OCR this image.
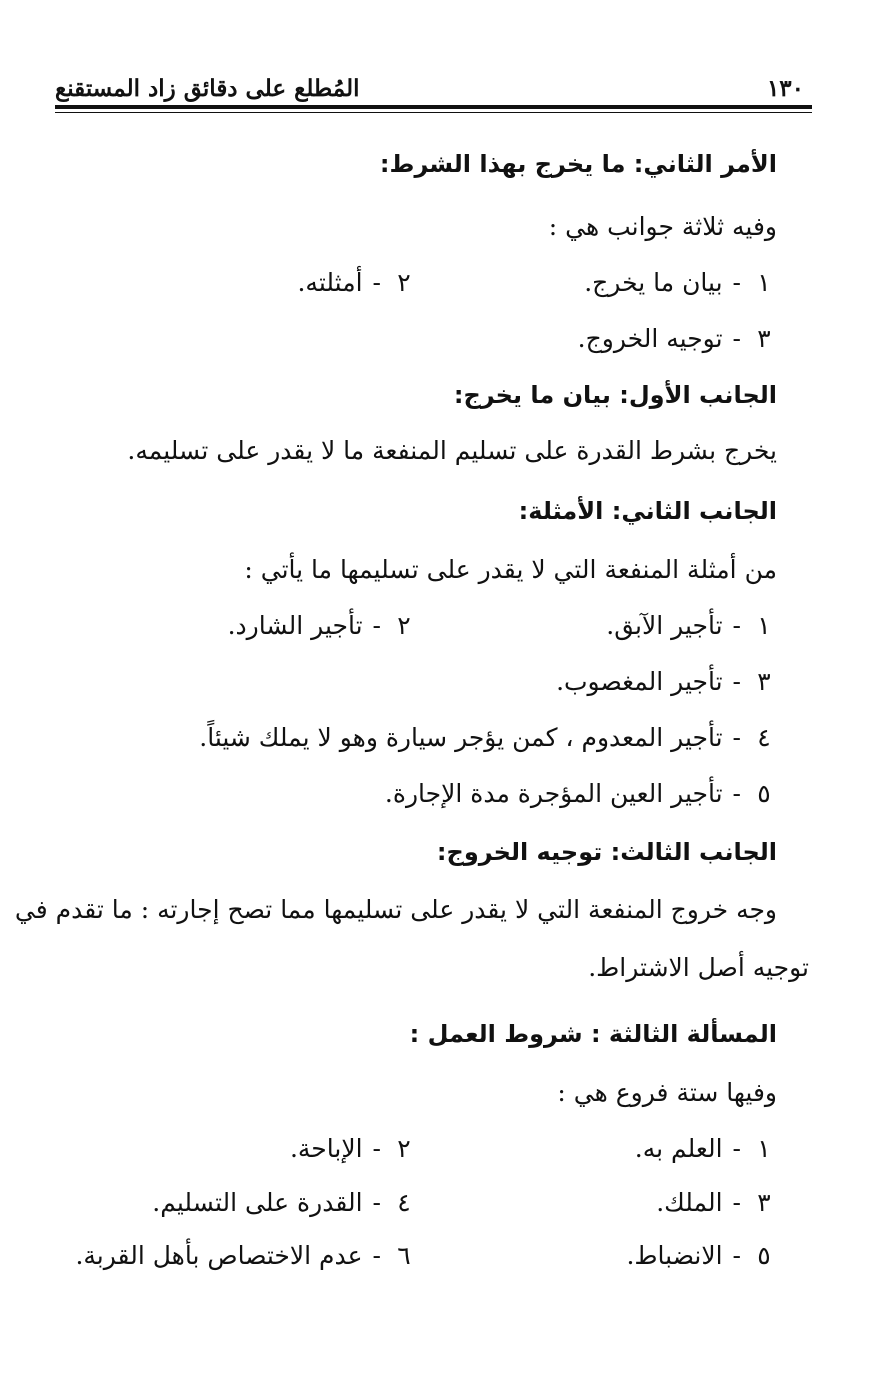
١٣٠
المُطلع على دقائق زاد المستقنع
الأمر الثاني: ما يخرج بهذا الشرط:
وفيه ثلاثة جوانب هي :
١
-
بيان ما يخرج.
٢
-
أمثلته.
٣
-
توجيه الخروج.
الجانب الأول: بيان ما يخرج:
يخرج بشرط القدرة على تسليم المنفعة ما لا يقدر على تسليمه.
الجانب الثاني: الأمثلة:
من أمثلة المنفعة التي لا يقدر على تسليمها ما يأتي :
١
-
تأجير الآبق.
٢
-
تأجير الشارد.
٣
-
تأجير المغصوب.
٤
-
تأجير المعدوم ، كمن يؤجر سيارة وهو لا يملك شيئاً.
٥
-
تأجير العين المؤجرة مدة الإجارة.
الجانب الثالث: توجيه الخروج:
وجه خروج المنفعة التي لا يقدر على تسليمها مما تصح إجارته : ما تقدم في
توجيه أصل الاشتراط.
المسألة الثالثة : شروط العمل :
وفيها ستة فروع هي :
١
-
العلم به.
٢
-
الإباحة.
٣
-
الملك.
٤
-
القدرة على التسليم.
٥
-
الانضباط.
٦
-
عدم الاختصاص بأهل القربة.
